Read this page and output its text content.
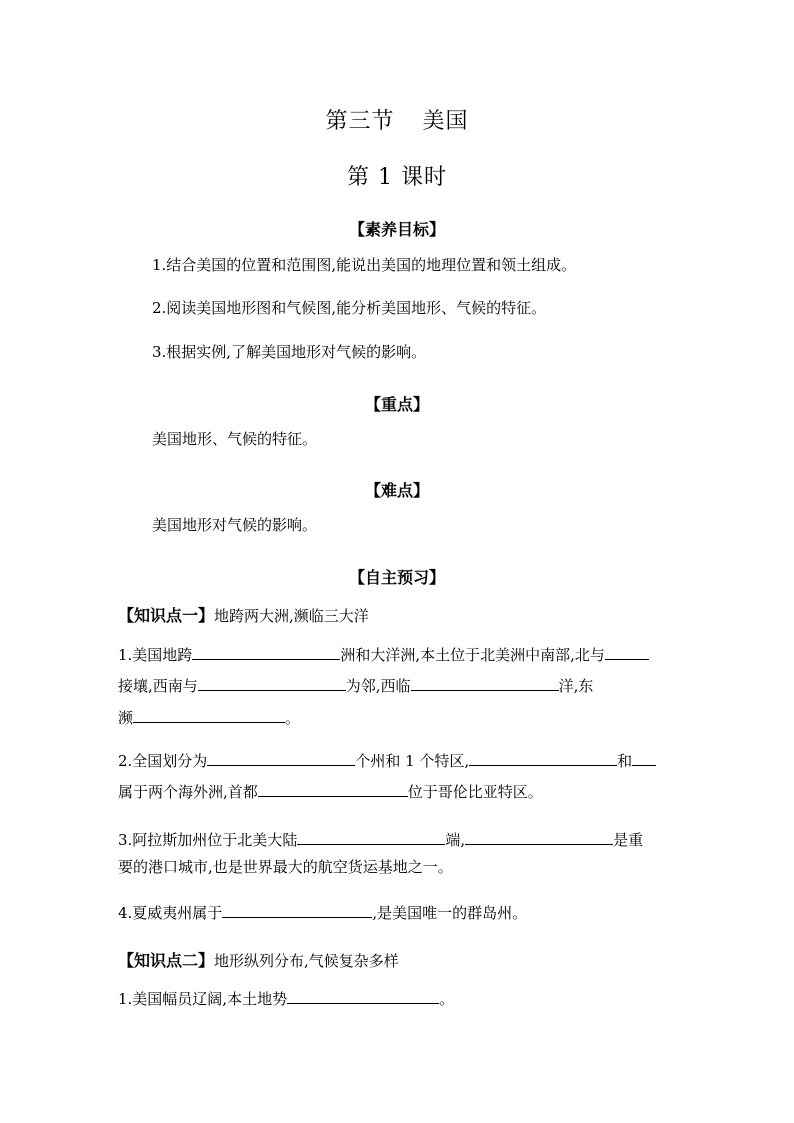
第三节 美国
第 1 课时
【素养目标】
1.结合美国的位置和范围图,能说出美国的地理位置和领土组成。
2.阅读美国地形图和气候图,能分析美国地形、气候的特征。
3.根据实例,了解美国地形对气候的影响。
【重点】
美国地形、气候的特征。
【难点】
美国地形对气候的影响。
【自主预习】
【知识点一】地跨两大洲,濒临三大洋
1.美国地跨	洲和大洋洲,本土位于北美洲中南部,北与
接壤,西南与	为邻,西临	洋,东
濒	。
2.全国划分为	个州和 1 个特区,	和
属于两个海外洲,首都	位于哥伦比亚特区。
3.阿拉斯加州位于北美大陆	端,	是重
要的港口城市,也是世界最大的航空货运基地之一。
4.夏威夷州属于	,是美国唯一的群岛州。
【知识点二】地形纵列分布,气候复杂多样
1.美国幅员辽阔,本土地势	。
